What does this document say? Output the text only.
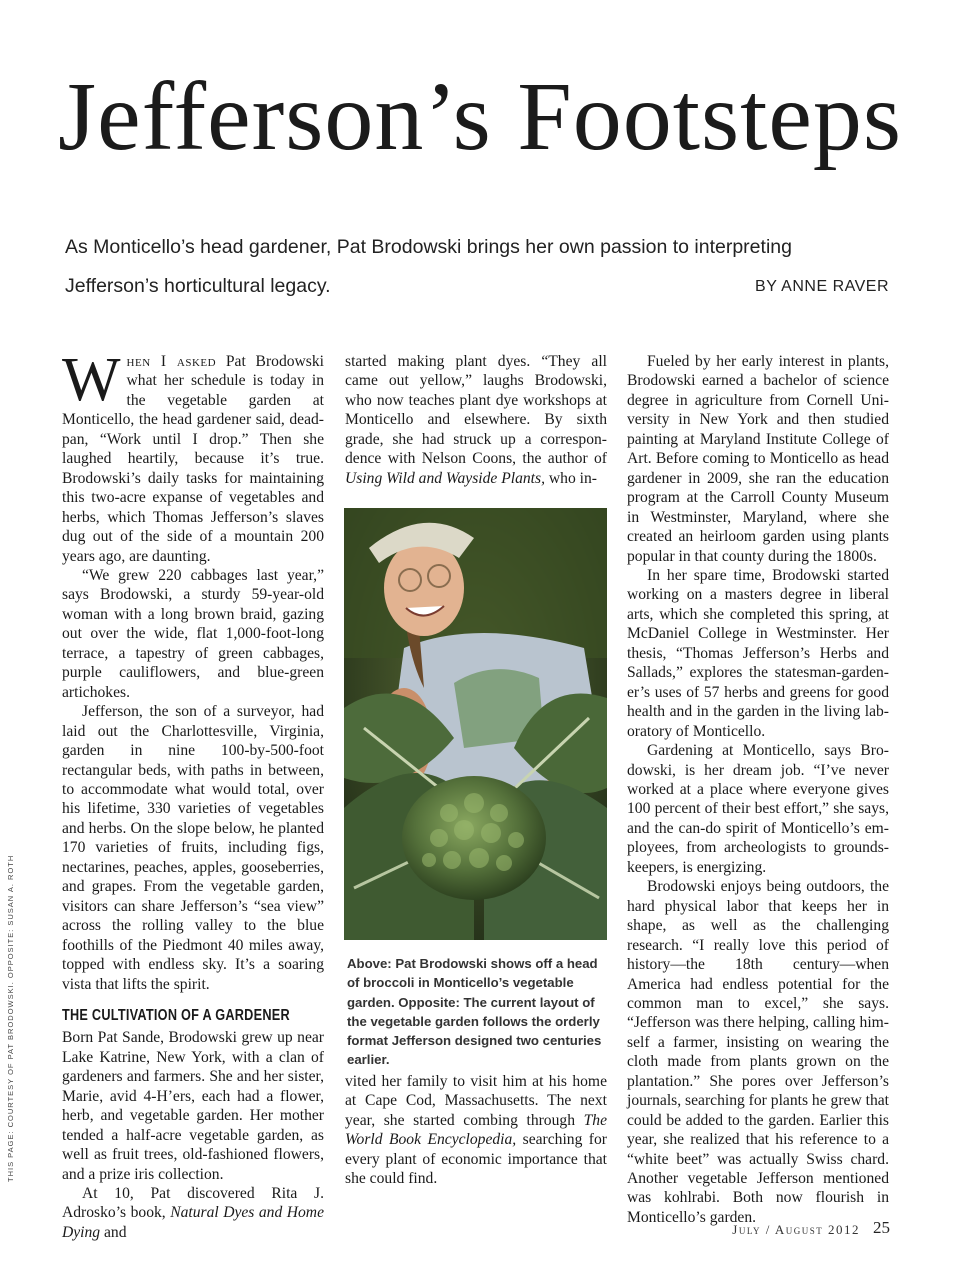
Jefferson’s Footsteps
As Monticello’s head gardener, Pat Brodowski brings her own passion to interpreting Jefferson’s horticultural legacy.	BY ANNE RAVER

When I asked Pat Brodowski what her schedule is today in the vegetable garden at Monticello, the head gardener said, deadpan, “Work until I drop.” Then she laughed heartily, because it’s true. Brodowski’s daily tasks for maintaining this two-acre expanse of vegetables and herbs, which Thomas Jefferson’s slaves dug out of the side of a mountain 200 years ago, are daunting.

“We grew 220 cabbages last year,” says Brodowski, a sturdy 59-year-old woman with a long brown braid, gazing out over the wide, flat 1,000-foot-long terrace, a tapestry of green cabbages, purple cauliflowers, and blue-green artichokes.

Jefferson, the son of a surveyor, had laid out the Charlottesville, Virginia, garden in nine 100-by-500-foot rectangular beds, with paths in between, to accommodate what would total, over his lifetime, 330 varieties of vegetables and herbs. On the slope below, he planted 170 varieties of fruits, including figs, nectarines, peaches, apples, gooseberries, and grapes. From the vegetable garden, visitors can share Jefferson’s “sea view” across the rolling valley to the blue foothills of the Piedmont 40 miles away, topped with endless sky. It’s a soaring vista that lifts the spirit.

THE CULTIVATION OF A GARDENER

Born Pat Sande, Brodowski grew up near Lake Katrine, New York, with a clan of gardeners and farmers. She and her sister, Marie, avid 4-H’ers, each had a flower, herb, and vegetable garden. Her mother tended a half-acre vegetable garden, as well as fruit trees, old-fashioned flowers, and a prize iris collection.

At 10, Pat discovered Rita J. Adrosko’s book, Natural Dyes and Home Dying and

started making plant dyes. “They all came out yellow,” laughs Brodowski, who now teaches plant dye workshops at Monticello and elsewhere. By sixth grade, she had struck up a correspondence with Nelson Coons, the author of Using Wild and Wayside Plants, who in-

Above: Pat Brodowski shows off a head of broccoli in Monticello’s vegetable garden. Opposite: The current layout of the vegetable garden follows the orderly format Jefferson designed two centuries earlier.
vited her family to visit him at his home at Cape Cod, Massachusetts. The next year, she started combing through The World Book Encyclopedia, searching for every plant of economic importance that she could find.

Fueled by her early interest in plants, Brodowski earned a bachelor of science degree in agriculture from Cornell University in New York and then studied painting at Maryland Institute College of Art. Before coming to Monticello as head gardener in 2009, she ran the education program at the Carroll County Museum in Westminster, Maryland, where she created an heirloom garden using plants popular in that county during the 1800s.

In her spare time, Brodowski started working on a masters degree in liberal arts, which she completed this spring, at McDaniel College in Westminster. Her thesis, “Thomas Jefferson’s Herbs and Sallads,” explores the statesman-gardener’s uses of 57 herbs and greens for good health and in the garden in the living laboratory of Monticello.

Gardening at Monticello, says Brodowski, is her dream job. “I’ve never worked at a place where everyone gives 100 percent of their best effort,” she says, and the can-do spirit of Monticello’s employees, from archeologists to groundskeepers, is energizing.

Brodowski enjoys being outdoors, the hard physical labor that keeps her in shape, as well as the challenging research. “I really love this period of history—the 18th century—when America had endless potential for the common man to excel,” she says. “Jefferson was there helping, calling himself a farmer, insisting on wearing the cloth made from plants grown on the plantation.” She pores over Jefferson’s journals, searching for plants he grew that could be added to the garden. Earlier this year, she realized that his reference to a “white beet” was actually Swiss chard. Another vegetable Jefferson mentioned was kohlrabi. Both now flourish in Monticello’s garden.

THIS PAGE: COURTESY OF PAT BRODOWSKI. OPPOSITE: SUSAN A. ROTH
July / August 2012 25
